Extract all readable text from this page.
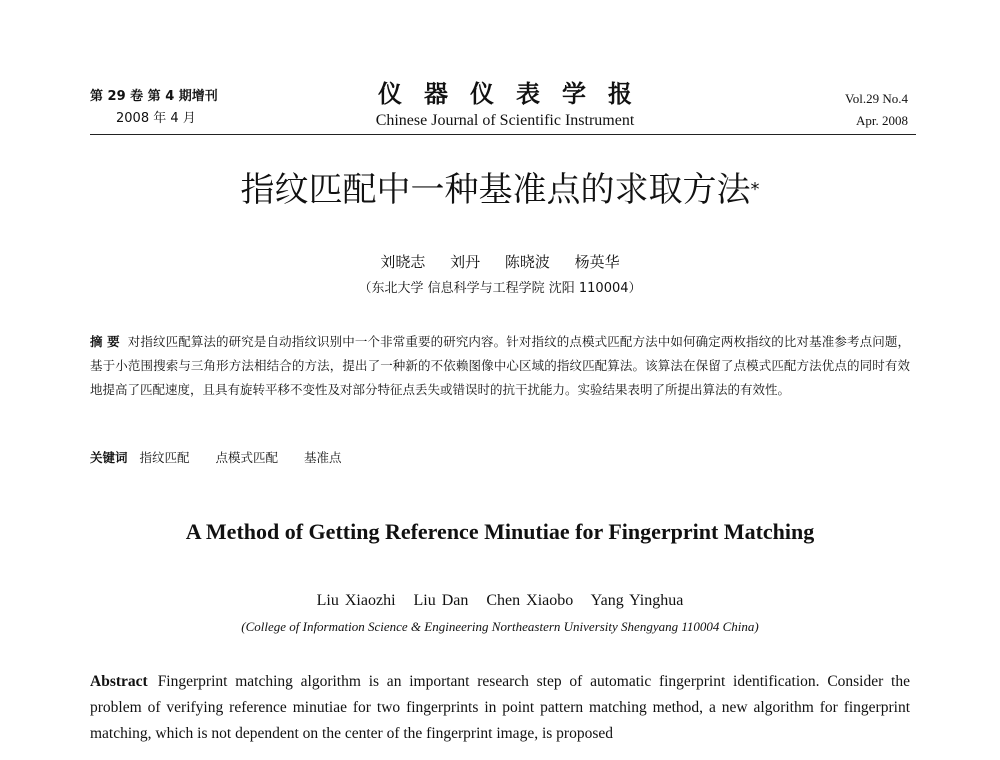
第 29 卷 第 4 期增刊
2008 年 4 月
仪器仪表学报
Chinese Journal of Scientific Instrument
Vol.29 No.4
Apr. 2008
指纹匹配中一种基准点的求取方法*
刘晓志 刘丹 陈晓波 杨英华
（东北大学 信息科学与工程学院 沈阳 110004）
摘 要 对指纹匹配算法的研究是自动指纹识别中一个非常重要的研究内容。针对指纹的点模式匹配方法中如何确定两枚指纹的比对基准参考点问题，基于小范围搜索与三角形方法相结合的方法，提出了一种新的不依赖图像中心区域的指纹匹配算法。该算法在保留了点模式匹配方法优点的同时有效地提高了匹配速度，且具有旋转平移不变性及对部分特征点丢失或错误时的抗干扰能力。实验结果表明了所提出算法的有效性。
关键词 指纹匹配 点模式匹配 基准点
A Method of Getting Reference Minutiae for Fingerprint Matching
Liu Xiaozhi   Liu Dan   Chen Xiaobo   Yang Yinghua
(College of Information Science & Engineering Northeastern University Shengyang 110004 China)
Abstract Fingerprint matching algorithm is an important research step of automatic fingerprint identification. Consider the problem of verifying reference minutiae for two fingerprints in point pattern matching method, a new algorithm for fingerprint matching, which is not dependent on the center of the fingerprint image, is proposed
